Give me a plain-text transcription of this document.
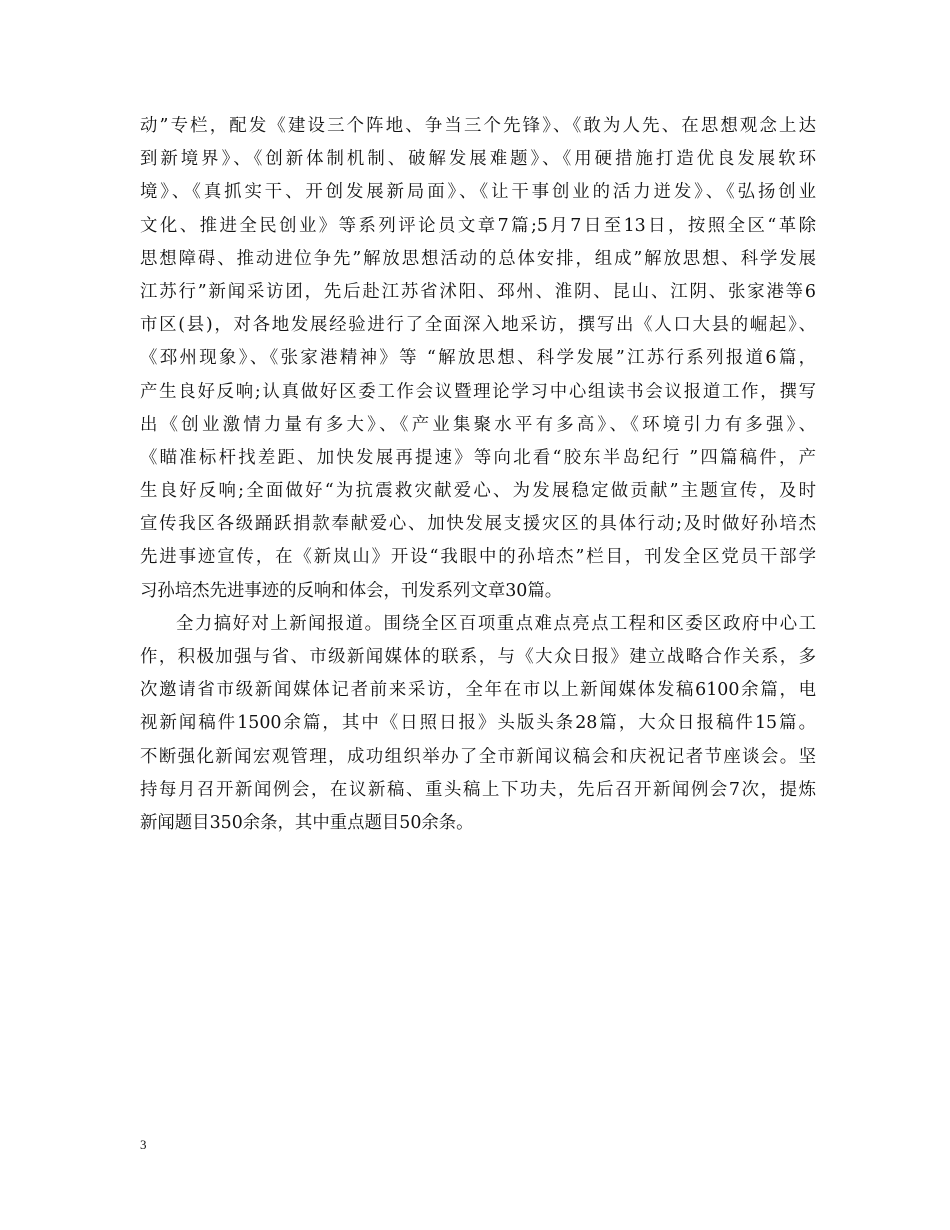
动”专栏，配发《建设三个阵地、争当三个先锋》、《敢为人先、在思想观念上达
到新境界》、《创新体制机制、破解发展难题》、《用硬措施打造优良发展软环
境》、《真抓实干、开创发展新局面》、《让干事创业的活力迸发》、《弘扬创业
文化、推进全民创业》等系列评论员文章7篇;5月7日至13日，按照全区“革除
思想障碍、推动进位争先”解放思想活动的总体安排，组成”解放思想、科学发展
江苏行”新闻采访团，先后赴江苏省沭阳、邳州、淮阴、昆山、江阴、张家港等6
市区(县)，对各地发展经验进行了全面深入地采访，撰写出《人口大县的崛起》、
《邳州现象》、《张家港精神》等 “解放思想、科学发展”江苏行系列报道6篇，
产生良好反响;认真做好区委工作会议暨理论学习中心组读书会议报道工作，撰写
出《创业激情力量有多大》、《产业集聚水平有多高》、《环境引力有多强》、
《瞄准标杆找差距、加快发展再提速》等向北看“胶东半岛纪行 ”四篇稿件，产
生良好反响;全面做好“为抗震救灾献爱心、为发展稳定做贡献”主题宣传，及时
宣传我区各级踊跃捐款奉献爱心、加快发展支援灾区的具体行动;及时做好孙培杰
先进事迹宣传，在《新岚山》开设“我眼中的孙培杰”栏目，刊发全区党员干部学
习孙培杰先进事迹的反响和体会，刊发系列文章30篇。
全力搞好对上新闻报道。围绕全区百项重点难点亮点工程和区委区政府中心工
作，积极加强与省、市级新闻媒体的联系，与《大众日报》建立战略合作关系，多
次邀请省市级新闻媒体记者前来采访，全年在市以上新闻媒体发稿6100余篇，电
视新闻稿件1500余篇，其中《日照日报》头版头条28篇，大众日报稿件15篇。
不断强化新闻宏观管理，成功组织举办了全市新闻议稿会和庆祝记者节座谈会。坚
持每月召开新闻例会，在议新稿、重头稿上下功夫，先后召开新闻例会7次，提炼
新闻题目350余条，其中重点题目50余条。
3
